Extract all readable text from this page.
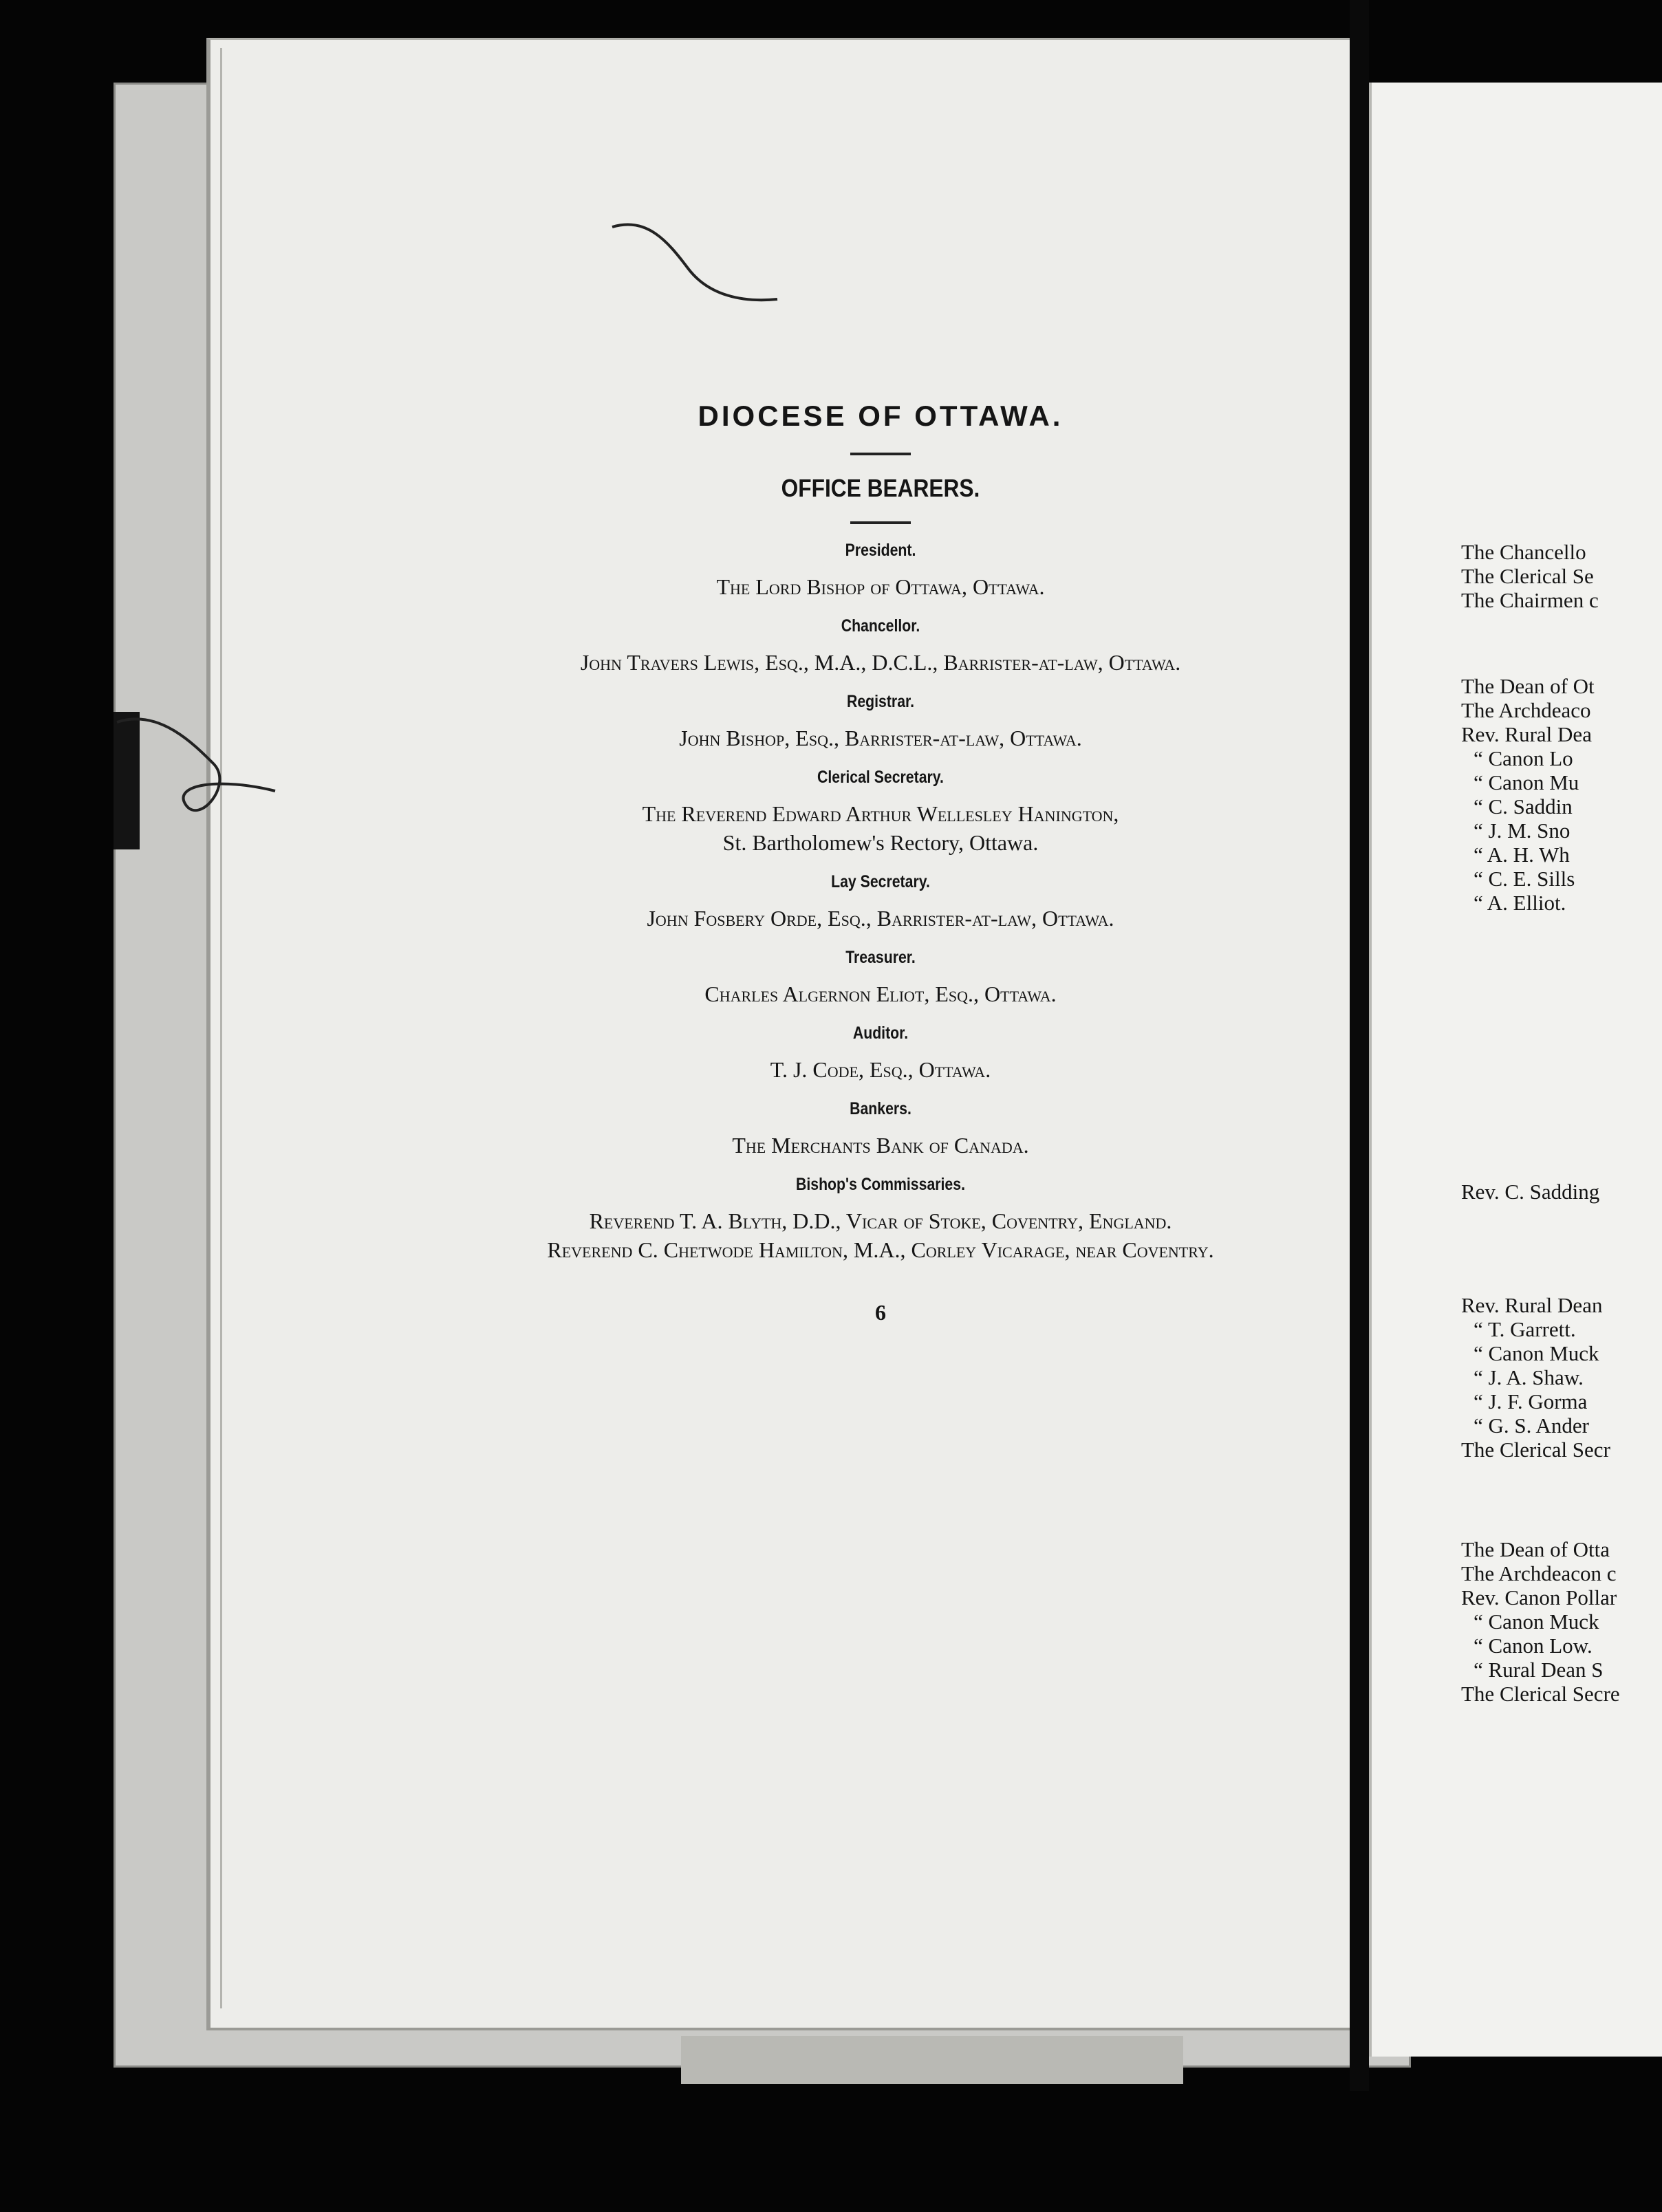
DIOCESE OF OTTAWA.
OFFICE BEARERS.
President.
The Lord Bishop of Ottawa, Ottawa.
Chancellor.
John Travers Lewis, Esq., M.A., D.C.L., Barrister-at-law, Ottawa.
Registrar.
John Bishop, Esq., Barrister-at-law, Ottawa.
Clerical Secretary.
The Reverend Edward Arthur Wellesley Hanington,
St. Bartholomew's Rectory, Ottawa.
Lay Secretary.
John Fosbery Orde, Esq., Barrister-at-law, Ottawa.
Treasurer.
Charles Algernon Eliot, Esq., Ottawa.
Auditor.
T. J. Code, Esq., Ottawa.
Bankers.
The Merchants Bank of Canada.
Bishop's Commissaries.
Reverend T. A. Blyth, D.D., Vicar of Stoke, Coventry, England.
Reverend C. Chetwode Hamilton, M.A., Corley Vicarage, near Coventry.
6
The Chancello
The Clerical Se
The Chairmen c
The Dean of Ot
The Archdeaco
Rev. Rural Dea
“ Canon Lo
“ Canon Mu
“ C. Saddin
“ J. M. Sno
“ A. H. Wh
“ C. E. Sills
“ A. Elliot.
Rev. C. Sadding
Rev. Rural Dean
“ T. Garrett.
“ Canon Muck
“ J. A. Shaw.
“ J. F. Gorma
“ G. S. Ander
The Clerical Secr
The Dean of Otta
The Archdeacon c
Rev. Canon Pollar
“ Canon Muck
“ Canon Low.
“ Rural Dean S
The Clerical Secre
